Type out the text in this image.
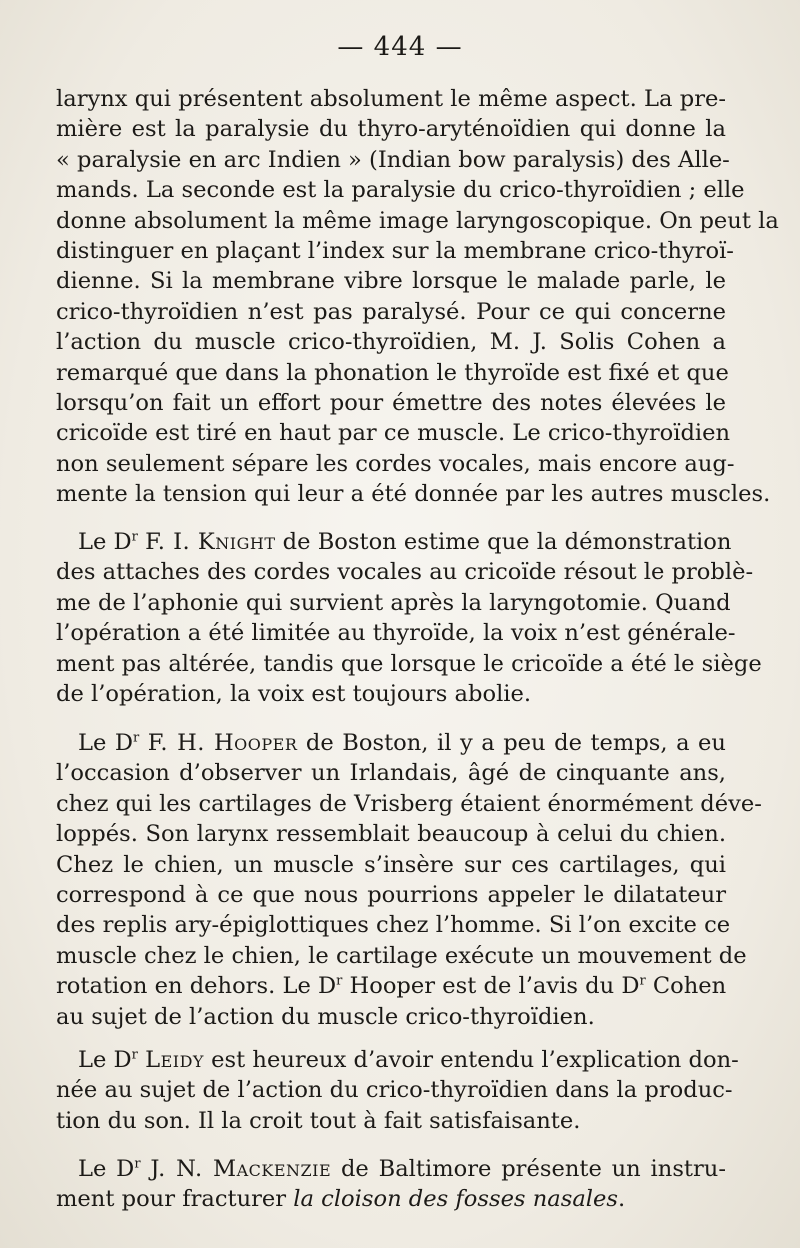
— 444 —
larynx qui présentent absolument le même aspect. La pre-
mière est la paralysie du thyro-aryténoïdien qui donne la
« paralysie en arc Indien » (Indian bow paralysis) des Alle-
mands. La seconde est la paralysie du crico-thyroïdien ; elle
donne absolument la même image laryngoscopique. On peut la
distinguer en plaçant l’index sur la membrane crico-thyroï-
dienne. Si la membrane vibre lorsque le malade parle, le
crico-thyroïdien n’est pas paralysé. Pour ce qui concerne
l’action du muscle crico-thyroïdien, M. J. Solis Cohen a
remarqué que dans la phonation le thyroïde est fixé et que
lorsqu’on fait un effort pour émettre des notes élevées le
cricoïde est tiré en haut par ce muscle. Le crico-thyroïdien
non seulement sépare les cordes vocales, mais encore aug-
mente la tension qui leur a été donnée par les autres muscles.
Le $D^r$ F. I. Knight de Boston estime que la démonstration
des attaches des cordes vocales au cricoïde résout le problè-
me de l’aphonie qui survient après la laryngotomie. Quand
l’opération a été limitée au thyroïde, la voix n’est générale-
ment pas altérée, tandis que lorsque le cricoïde a été le siège
de l’opération, la voix est toujours abolie.
Le $D^r$ F. H. Hooper de Boston, il y a peu de temps, a eu
l’occasion d’observer un Irlandais, âgé de cinquante ans,
chez qui les cartilages de Vrisberg étaient énormément déve-
loppés. Son larynx ressemblait beaucoup à celui du chien.
Chez le chien, un muscle s’insère sur ces cartilages, qui
correspond à ce que nous pourrions appeler le dilatateur
des replis ary-épiglottiques chez l’homme. Si l’on excite ce
muscle chez le chien, le cartilage exécute un mouvement de
rotation en dehors. Le $D^r$ Hooper est de l’avis du $D^r$ Cohen
au sujet de l’action du muscle crico-thyroïdien.
Le $D^r$ Leidy est heureux d’avoir entendu l’explication don-
née au sujet de l’action du crico-thyroïdien dans la produc-
tion du son. Il la croit tout à fait satisfaisante.
Le $D^r$ J. N. Mackenzie de Baltimore présente un instru-
ment pour fracturer la cloison des fosses nasales.
